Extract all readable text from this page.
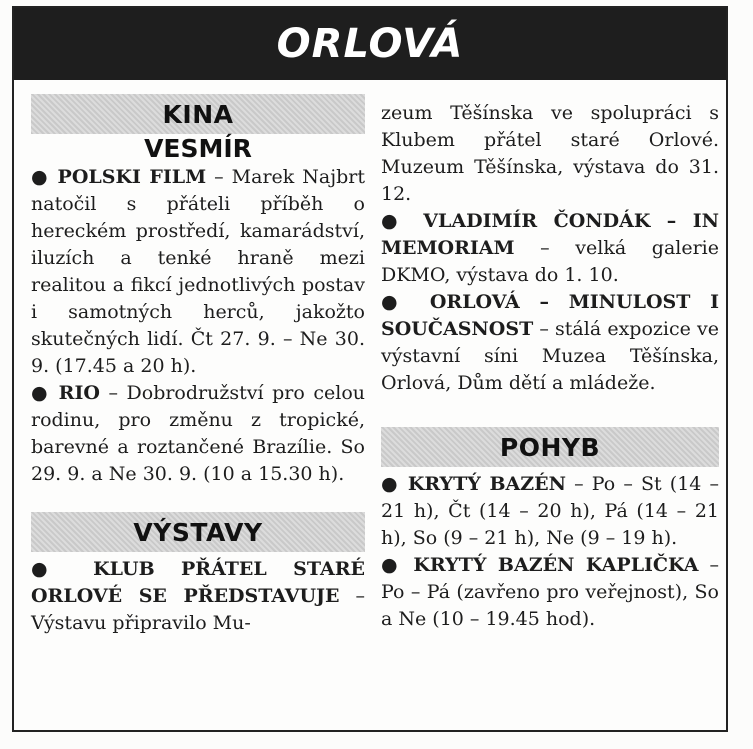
ORLOVÁ
KINA
VESMÍR

● POLSKI FILM – Marek Najbrt natočil s přáteli příběh o hereckém prostředí, kamarádství, iluzích a tenké hraně mezi realitou a fikcí jednotlivých postav i samotných herců, jakožto skutečných lidí. Čt 27. 9. – Ne 30. 9. (17.45 a 20 h).

● RIO – Dobrodružství pro celou rodinu, pro změnu z tropické, barevné a roztančené Brazílie. So 29. 9. a Ne 30. 9. (10 a 15.30 h).

VÝSTAVY

● KLUB PŘÁTEL STARÉ ORLOVÉ SE PŘEDSTAVUJE – Výstavu připravilo Mu-

zeum Těšínska ve spolupráci s Klubem přátel staré Orlové. Muzeum Těšínska, výstava do 31. 12.

● VLADIMÍR ČONDÁK – IN MEMORIAM – velká galerie DKMO, výstava do 1. 10.

● ORLOVÁ – MINULOST I SOUČASNOST – stálá expozice ve výstavní síni Muzea Těšínska, Orlová, Dům dětí a mládeže.

POHYB

● KRYTÝ BAZÉN – Po – St (14 – 21 h), Čt (14 – 20 h), Pá (14 – 21 h), So (9 – 21 h), Ne (9 – 19 h).

● KRYTÝ BAZÉN KAPLIČKA – Po – Pá (zavřeno pro veřejnost), So a Ne (10 – 19.45 hod).
